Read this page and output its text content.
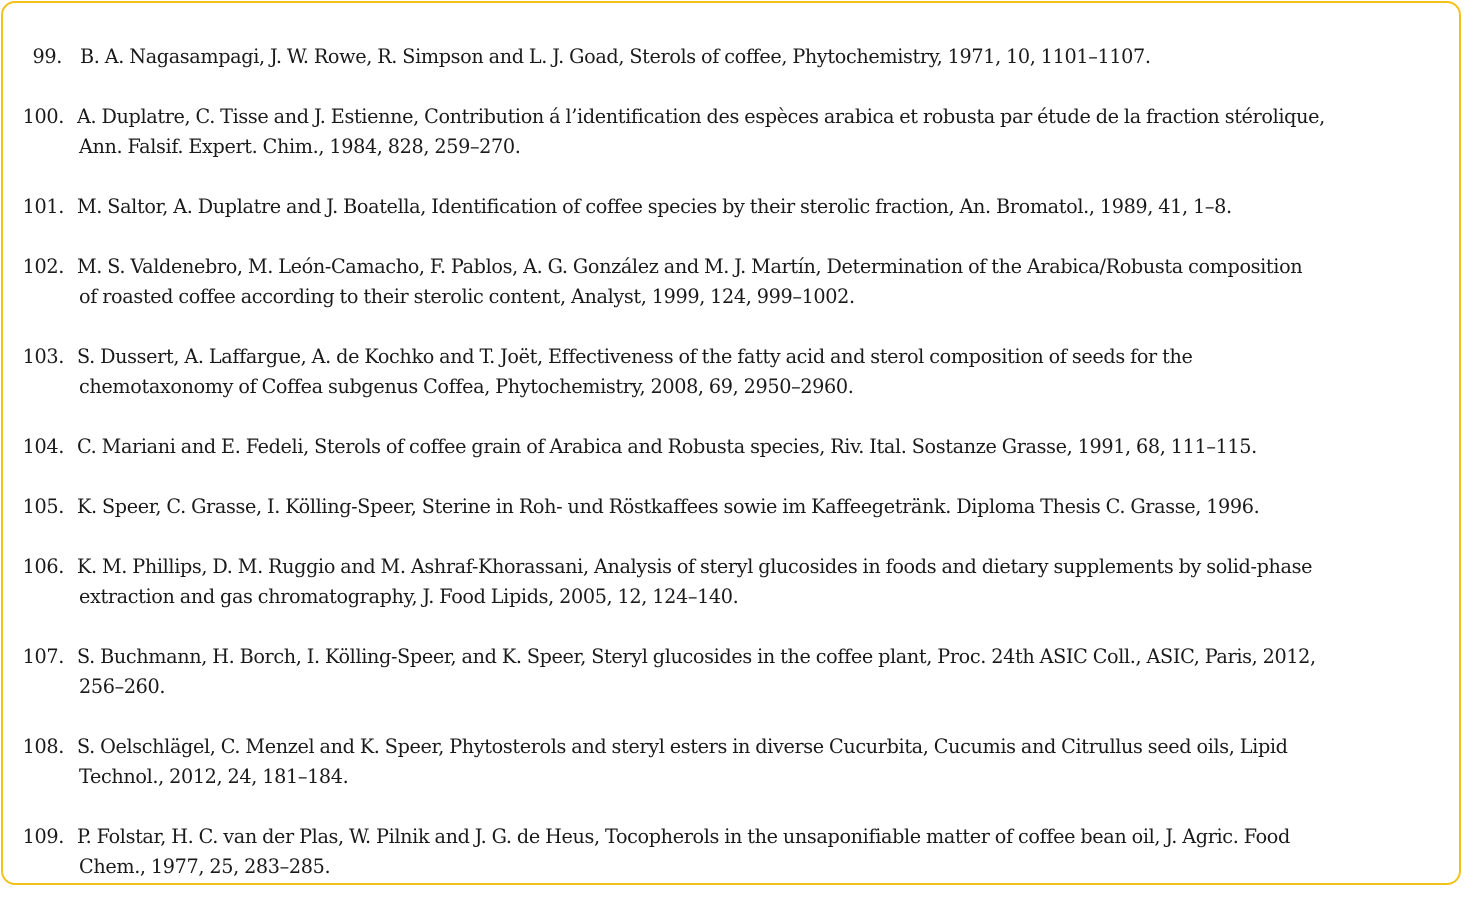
99. B. A. Nagasampagi, J. W. Rowe, R. Simpson and L. J. Goad, Sterols of coffee, Phytochemistry, 1971, 10, 1101–1107.
100. A. Duplatre, C. Tisse and J. Estienne, Contribution á l’identification des espèces arabica et robusta par étude de la fraction stérolique,
Ann. Falsif. Expert. Chim., 1984, 828, 259–270.
101. M. Saltor, A. Duplatre and J. Boatella, Identification of coffee species by their sterolic fraction, An. Bromatol., 1989, 41, 1–8.
102. M. S. Valdenebro, M. León-Camacho, F. Pablos, A. G. González and M. J. Martín, Determination of the Arabica/Robusta composition
of roasted coffee according to their sterolic content, Analyst, 1999, 124, 999–1002.
103. S. Dussert, A. Laffargue, A. de Kochko and T. Joët, Effectiveness of the fatty acid and sterol composition of seeds for the
chemotaxonomy of Coffea subgenus Coffea, Phytochemistry, 2008, 69, 2950–2960.
104. C. Mariani and E. Fedeli, Sterols of coffee grain of Arabica and Robusta species, Riv. Ital. Sostanze Grasse, 1991, 68, 111–115.
105. K. Speer, C. Grasse, I. Kölling-Speer, Sterine in Roh- und Röstkaffees sowie im Kaffeegetränk. Diploma Thesis C. Grasse, 1996.
106. K. M. Phillips, D. M. Ruggio and M. Ashraf-Khorassani, Analysis of steryl glucosides in foods and dietary supplements by solid-phase
extraction and gas chromatography, J. Food Lipids, 2005, 12, 124–140.
107. S. Buchmann, H. Borch, I. Kölling-Speer, and K. Speer, Steryl glucosides in the coffee plant, Proc. 24th ASIC Coll., ASIC, Paris, 2012,
256–260.
108. S. Oelschlägel, C. Menzel and K. Speer, Phytosterols and steryl esters in diverse Cucurbita, Cucumis and Citrullus seed oils, Lipid
Technol., 2012, 24, 181–184.
109. P. Folstar, H. C. van der Plas, W. Pilnik and J. G. de Heus, Tocopherols in the unsaponifiable matter of coffee bean oil, J. Agric. Food
Chem., 1977, 25, 283–285.
